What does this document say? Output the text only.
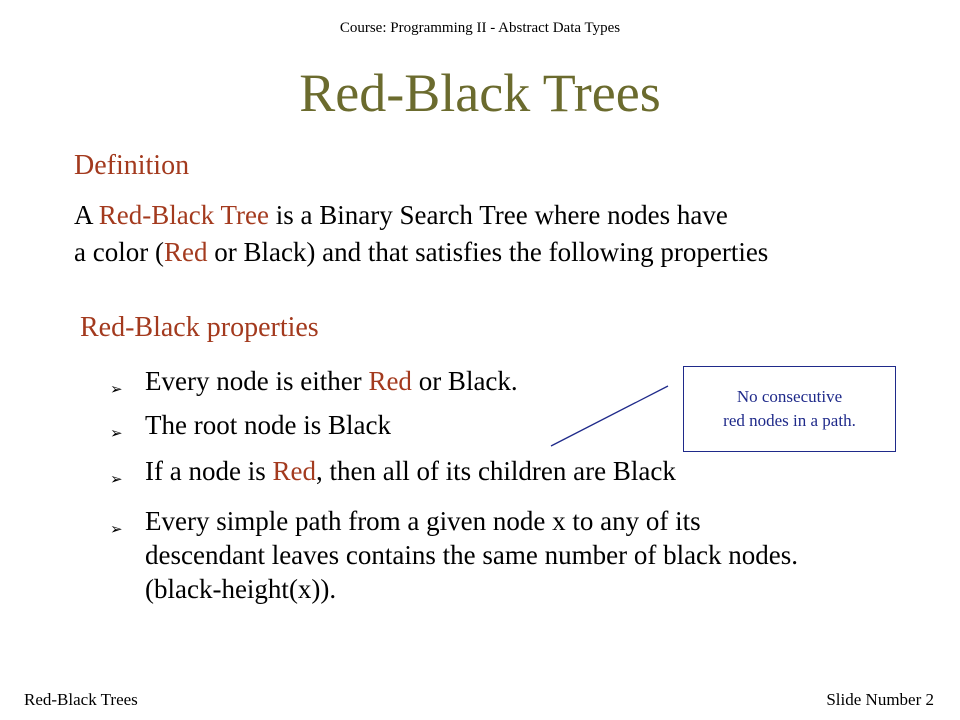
Course: Programming II - Abstract Data Types
Red-Black Trees
Definition
A Red-Black Tree is a Binary Search Tree where nodes have
a color (Red or Black) and that satisfies the following properties
Red-Black properties
➢ Every node is either Red or Black.
➢ The root node is Black
➢ If a node is Red, then all of its children are Black
➢ Every simple path from a given node x to any of its
descendant leaves contains the same number of black nodes.
(black-height(x)).
No consecutive
red nodes in a path.
Red-Black Trees	Slide Number 2
